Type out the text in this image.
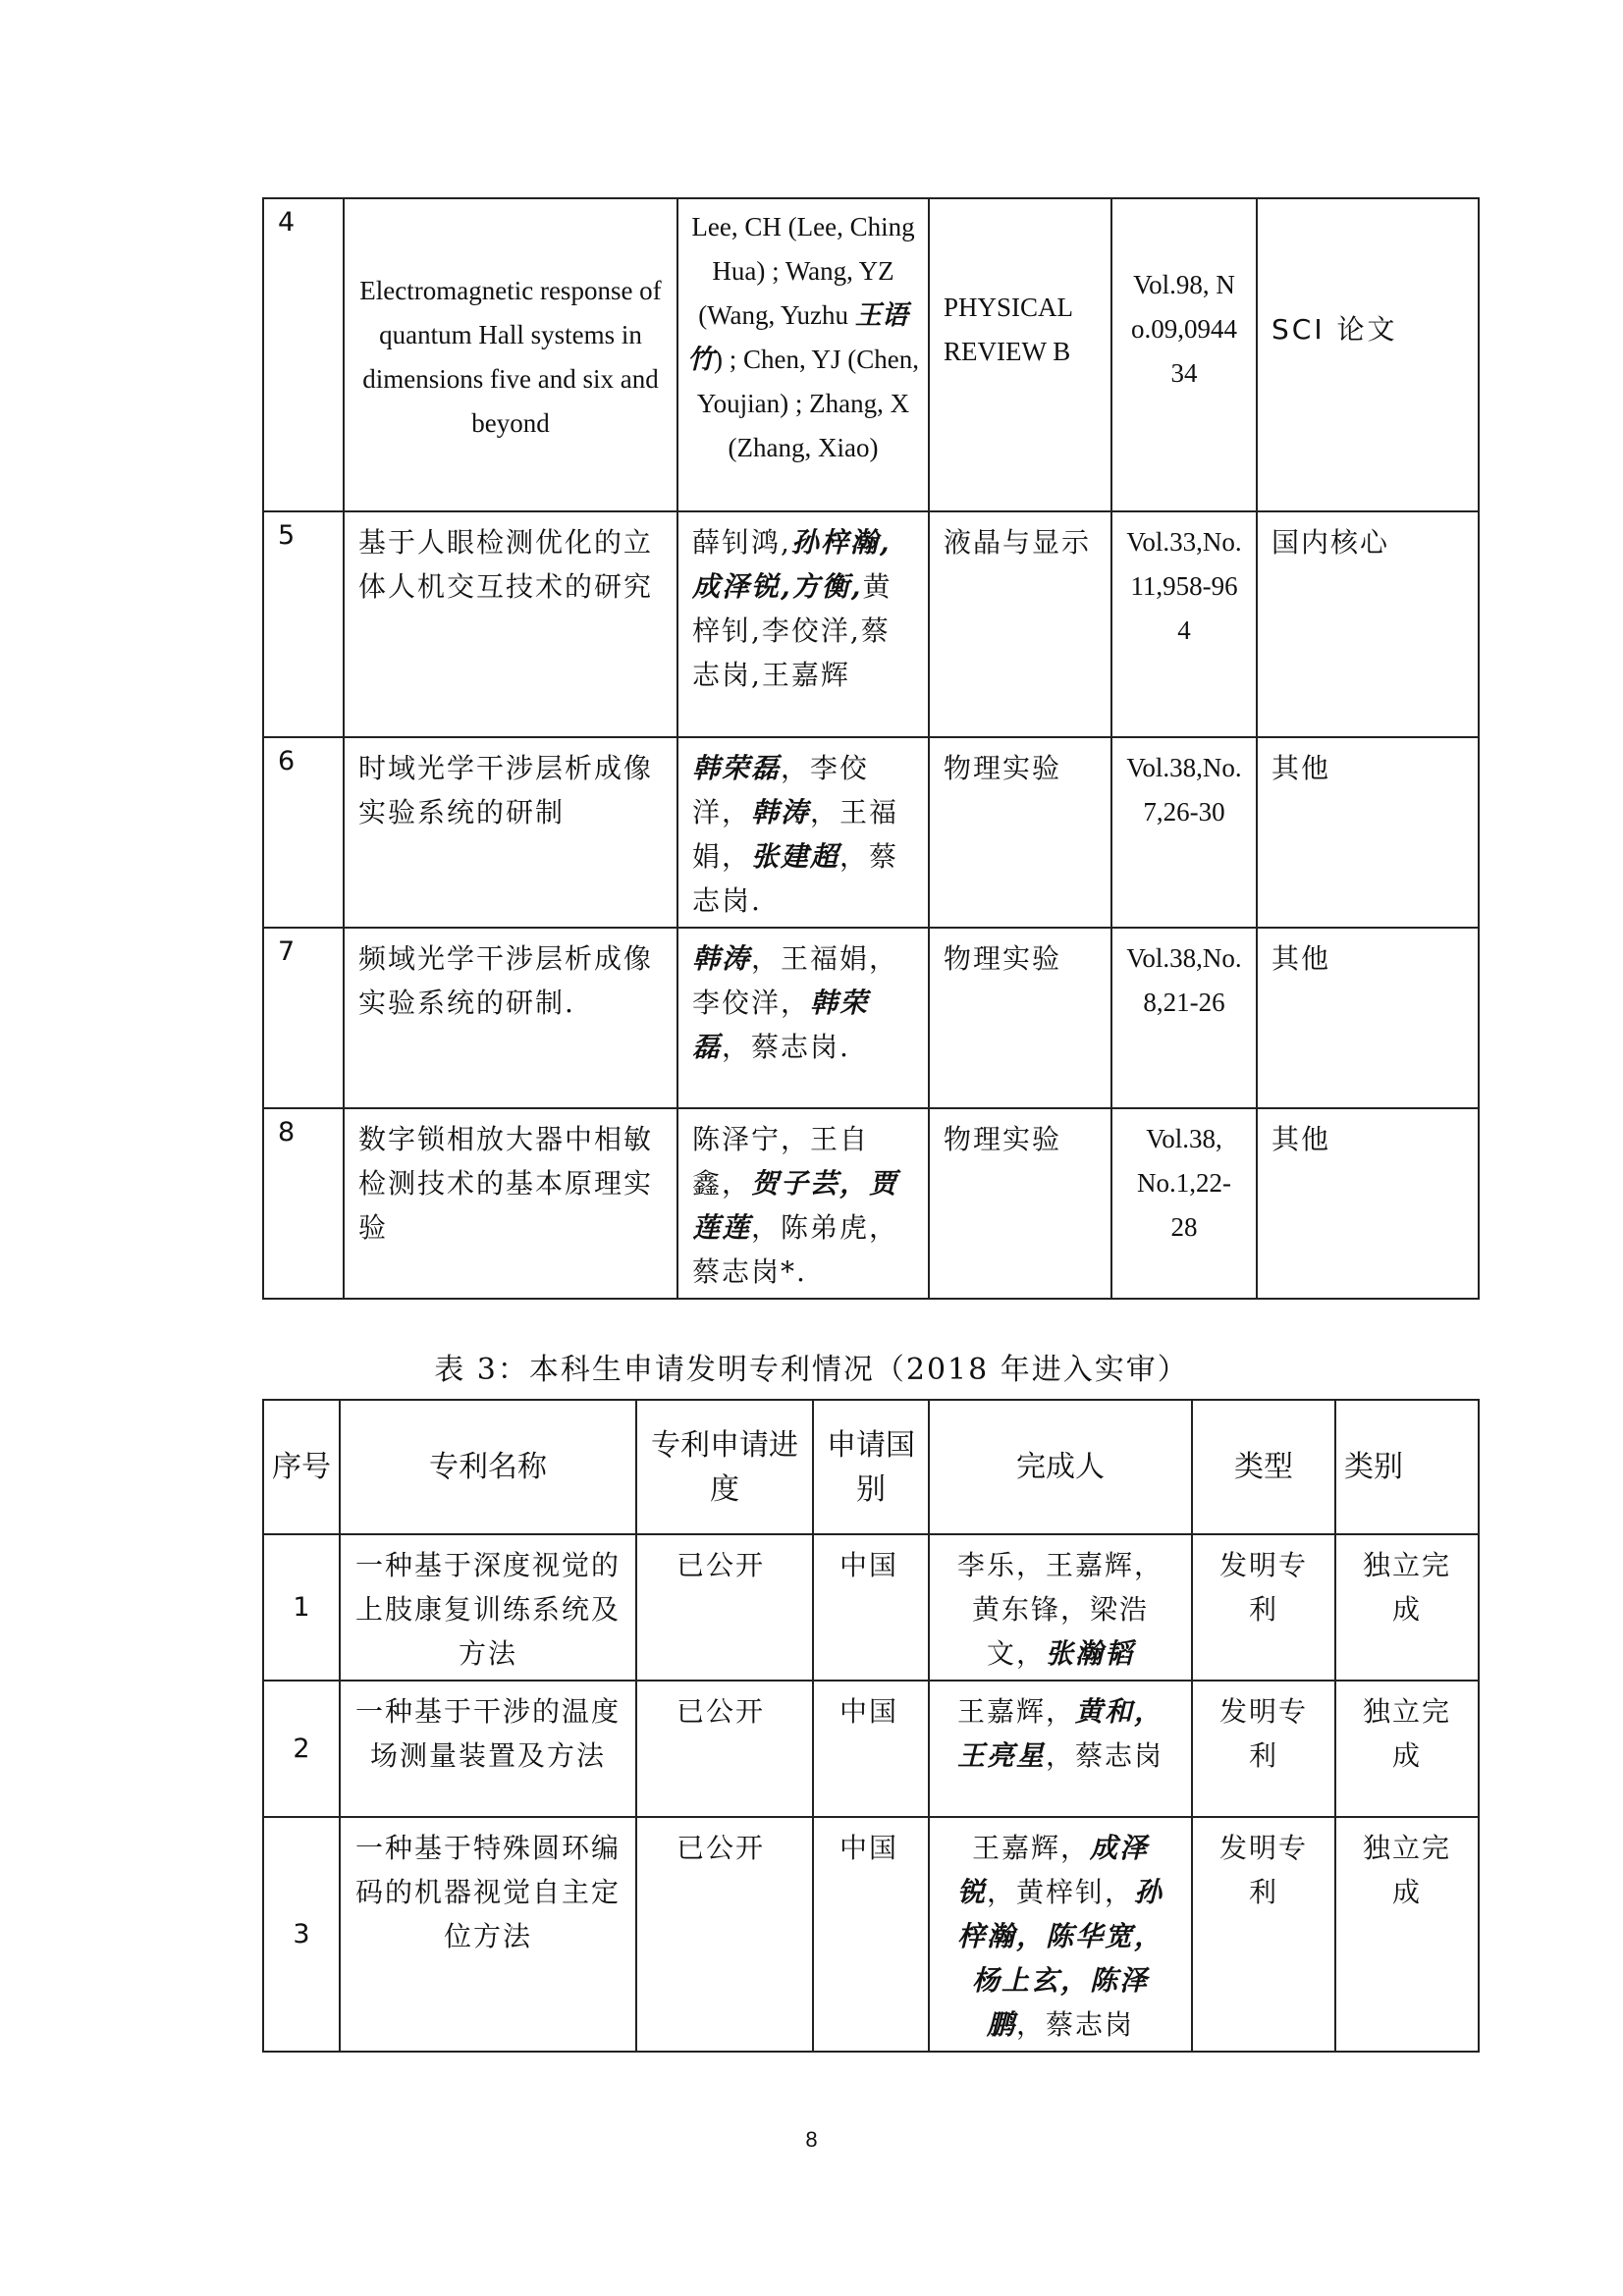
4	Electromagnetic response of quantum Hall systems in dimensions five and six and beyond	Lee, CH (Lee, Ching Hua) ; Wang, YZ (Wang, Yuzhu 王语竹) ; Chen, YJ (Chen, Youjian) ; Zhang, X (Zhang, Xiao)	PHYSICAL REVIEW B	Vol.98, No.09,094434	SCI 论文
5	基于人眼检测优化的立体人机交互技术的研究	薛钊鸿,孙梓瀚,成泽锐,方衡,黄梓钊,李佼洋,蔡志岗,王嘉辉	液晶与显示	Vol.33,No.11,958-964	国内核心
6	时域光学干涉层析成像实验系统的研制	韩荣磊，李佼洋，韩涛，王福娟，张建超，蔡志岗.	物理实验	Vol.38,No.7,26-30	其他
7	频域光学干涉层析成像实验系统的研制.	韩涛，王福娟，李佼洋，韩荣磊，蔡志岗.	物理实验	Vol.38,No.8,21-26	其他
8	数字锁相放大器中相敏检测技术的基本原理实验	陈泽宁，王自鑫，贺子芸，贾莲莲，陈弟虎，蔡志岗*.	物理实验	Vol.38, No.1,22-28	其他
表 3：本科生申请发明专利情况（2018 年进入实审）
序号	专利名称	专利申请进度	申请国别	完成人	类型	类别
1	一种基于深度视觉的上肢康复训练系统及方法	已公开	中国	李乐，王嘉辉，黄东锋，梁浩文，张瀚韬	发明专利	独立完成
2	一种基于干涉的温度场测量装置及方法	已公开	中国	王嘉辉，黄和，王亮星，蔡志岗	发明专利	独立完成
3	一种基于特殊圆环编码的机器视觉自主定位方法	已公开	中国	王嘉辉，成泽锐，黄梓钊，孙梓瀚，陈华宽，杨上玄，陈泽鹏，蔡志岗	发明专利	独立完成
8
